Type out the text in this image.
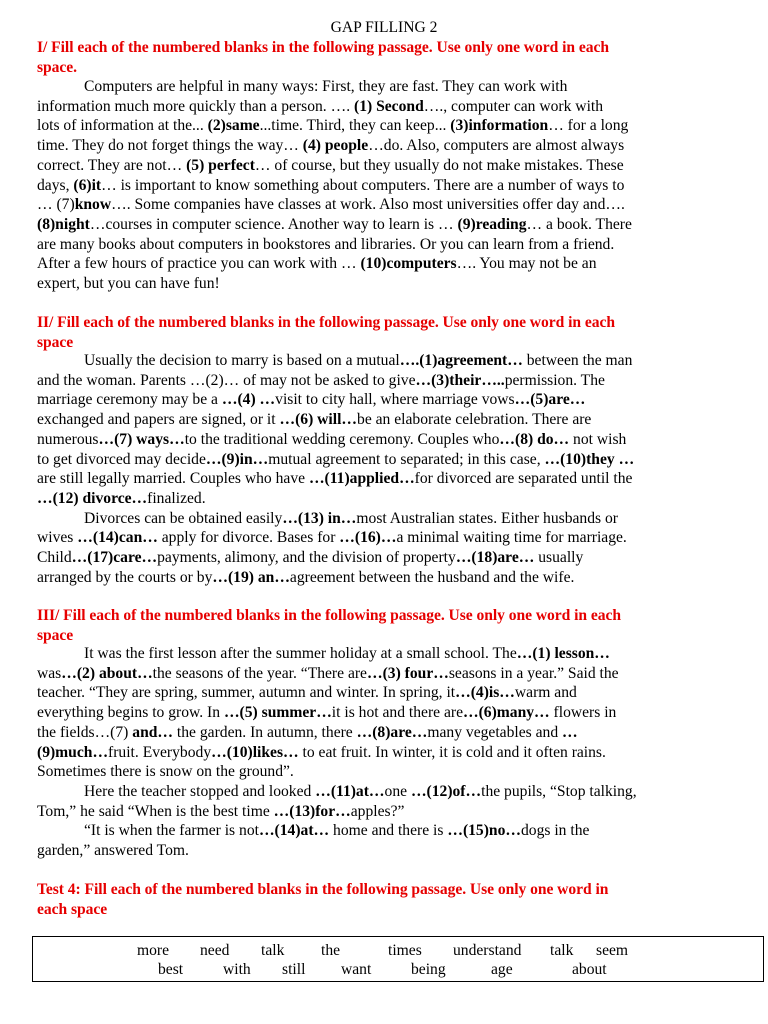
GAP FILLING 2
I/ Fill each of the numbered blanks in the following passage. Use only one word in each
space.
Computers are helpful in many ways: First, they are fast. They can work with
information much more quickly than a person. …. (1) Second…., computer can work with
lots of information at the... (2)same...time. Third, they can keep... (3)information… for a long
time. They do not forget things the way… (4) people…do. Also, computers are almost always
correct. They are not… (5) perfect… of course, but they usually do not make mistakes. These
days, (6)it… is important to know something about computers. There are a number of ways to
… (7)know…. Some companies have classes at work. Also most universities offer day and….
(8)night…courses in computer science. Another way to learn is … (9)reading… a book. There
are many books about computers in bookstores and libraries. Or you can learn from a friend.
After a few hours of practice you can work with … (10)computers…. You may not be an
expert, but you can have fun!
II/ Fill each of the numbered blanks in the following passage. Use only one word in each
space
Usually the decision to marry is based on a mutual….(1)agreement… between the man
and the woman. Parents …(2)… of may not be asked to give…(3)their…..permission. The
marriage ceremony may be a …(4) …visit to city hall, where marriage vows…(5)are…
exchanged and papers are signed, or it …(6) will…be an elaborate celebration. There are
numerous…(7) ways…to the traditional wedding ceremony. Couples who…(8) do… not wish
to get divorced may decide…(9)in…mutual agreement to separated; in this case, …(10)they …
are still legally married. Couples who have …(11)applied…for divorced are separated until the
…(12) divorce…finalized.
Divorces can be obtained easily…(13) in…most Australian states. Either husbands or
wives …(14)can… apply for divorce. Bases for …(16)…a minimal waiting time for marriage.
Child…(17)care…payments, alimony, and the division of property…(18)are… usually
arranged by the courts or by…(19) an…agreement between the husband and the wife.
III/ Fill each of the numbered blanks in the following passage. Use only one word in each
space
It was the first lesson after the summer holiday at a small school. The…(1) lesson…
was…(2) about…the seasons of the year. “There are…(3) four…seasons in a year.” Said the
teacher. “They are spring, summer, autumn and winter. In spring, it…(4)is…warm and
everything begins to grow. In …(5) summer…it is hot and there are…(6)many… flowers in
the fields…(7) and… the garden. In autumn, there …(8)are…many vegetables and …
(9)much…fruit. Everybody…(10)likes… to eat fruit. In winter, it is cold and it often rains.
Sometimes there is snow on the ground”.
Here the teacher stopped and looked …(11)at…one …(12)of…the pupils, “Stop talking,
Tom,” he said “When is the best time …(13)for…apples?”
“It is when the farmer is not…(14)at… home and there is …(15)no…dogs in the
garden,” answered Tom.
Test 4: Fill each of the numbered blanks in the following passage. Use only one word in
each space
more need talk the	times understand talk seem
best	with still want	being	age	about
